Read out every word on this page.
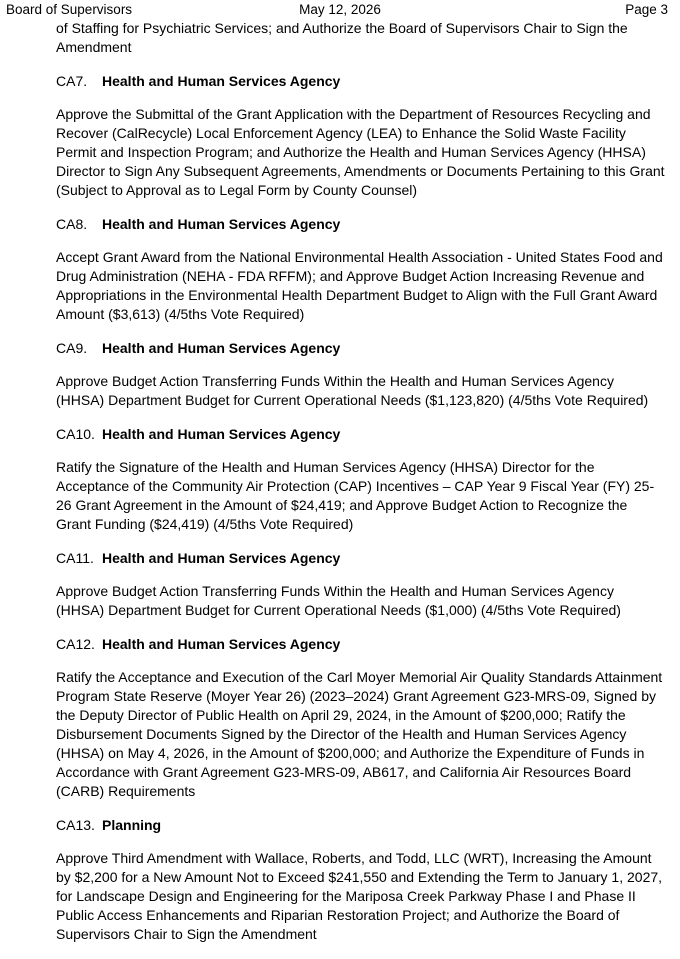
Board of Supervisors	May 12, 2026	Page 3
of Staffing for Psychiatric Services; and Authorize the Board of Supervisors Chair to Sign the Amendment
CA7. Health and Human Services Agency
Approve the Submittal of the Grant Application with the Department of Resources Recycling and Recover (CalRecycle) Local Enforcement Agency (LEA) to Enhance the Solid Waste Facility Permit and Inspection Program; and Authorize the Health and Human Services Agency (HHSA) Director to Sign Any Subsequent Agreements, Amendments or Documents Pertaining to this Grant (Subject to Approval as to Legal Form by County Counsel)
CA8. Health and Human Services Agency
Accept Grant Award from the National Environmental Health Association - United States Food and Drug Administration (NEHA - FDA RFFM); and Approve Budget Action Increasing Revenue and Appropriations in the Environmental Health Department Budget to Align with the Full Grant Award Amount ($3,613) (4/5ths Vote Required)
CA9. Health and Human Services Agency
Approve Budget Action Transferring Funds Within the Health and Human Services Agency (HHSA) Department Budget for Current Operational Needs ($1,123,820) (4/5ths Vote Required)
CA10. Health and Human Services Agency
Ratify the Signature of the Health and Human Services Agency (HHSA) Director for the Acceptance of the Community Air Protection (CAP) Incentives – CAP Year 9 Fiscal Year (FY) 25-26 Grant Agreement in the Amount of $24,419; and Approve Budget Action to Recognize the Grant Funding ($24,419) (4/5ths Vote Required)
CA11. Health and Human Services Agency
Approve Budget Action Transferring Funds Within the Health and Human Services Agency (HHSA) Department Budget for Current Operational Needs ($1,000) (4/5ths Vote Required)
CA12. Health and Human Services Agency
Ratify the Acceptance and Execution of the Carl Moyer Memorial Air Quality Standards Attainment Program State Reserve (Moyer Year 26) (2023–2024) Grant Agreement G23-MRS-09, Signed by the Deputy Director of Public Health on April 29, 2024, in the Amount of $200,000; Ratify the Disbursement Documents Signed by the Director of the Health and Human Services Agency (HHSA) on May 4, 2026, in the Amount of $200,000; and Authorize the Expenditure of Funds in Accordance with Grant Agreement G23-MRS-09, AB617, and California Air Resources Board (CARB) Requirements
CA13. Planning
Approve Third Amendment with Wallace, Roberts, and Todd, LLC (WRT), Increasing the Amount by $2,200 for a New Amount Not to Exceed $241,550 and Extending the Term to January 1, 2027, for Landscape Design and Engineering for the Mariposa Creek Parkway Phase I and Phase II Public Access Enhancements and Riparian Restoration Project; and Authorize the Board of Supervisors Chair to Sign the Amendment
